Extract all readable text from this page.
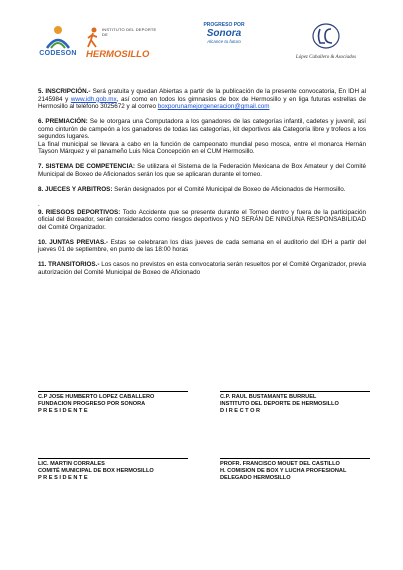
CODESON
INSTITUTO DEL DEPORTE DE
HERMOSILLO
PROGRESO POR
Sonora
Alcance tu futuro
López Caballero & Asociados

5. INSCRIPCIÓN.- Será gratuita y quedan Abiertas a partir de la publicación de la presente convocatoria, En IDH al 2145984 y www.idh.gob.mx, así como en todos los gimnasios de box de Hermosillo y en liga futuras estrellas de Hermosillo al teléfono 3025672 y al correo boxporunamejorgeneracion@gmail.com

6. PREMIACIÓN: Se le otorgara una Computadora a los ganadores de las categorías infantil, cadetes y juvenil, así como cinturón de campeón a los ganadores de todas las categorías, kit deportivos ala Categoría libre y trofeos a los segundos lugares.
La final municipal se llevara a cabo en la función de campeonato mundial peso mosca, entre el monarca Hernán Tayson Márquez y el panameño Luis Nica Concepción en el CUM Hermosillo.

7. SISTEMA DE COMPETENCIA: Se utilizara el Sistema de la Federación Mexicana de Box Amateur y del Comité Municipal de Boxeo de Aficionados serán los que se aplicaran durante el torneo.

8. JUECES Y ARBITROS: Serán designados por el Comité Municipal de Boxeo de Aficionados de Hermosillo.

.
9. RIESGOS DEPORTIVOS: Todo Accidente que se presente durante el Torneo dentro y fuera de la participación oficial del Boxeador, serán considerados como riesgos deportivos y NO SERÁN DE NINGUNA RESPONSABILIDAD del Comité Organizador.

10. JUNTAS PREVIAS.- Estas se celebraran los días jueves de cada semana en el auditorio del IDH a partir del jueves 01 de septiembre, en punto de las 18:00 horas

11. TRANSITORIOS.- Los casos no previstos en esta convocatoria serán resueltos por el Comité Organizador, previa autorización del Comité Municipal de Boxeo de Aficionado

C.P JOSE HUMBERTO LOPEZ CABALLERO
FUNDACION PROGRESO POR SONORA
P R E S I D E N T E
C.P. RAUL BUSTAMANTE BURRUEL
INSTITUTO DEL DEPORTE DE HERMOSILLO
D I R E C T O R
LIC. MARTIN CORRALES
COMITÉ MUNICIPAL DE BOX HERMOSILLO
P R E S I D E N T E
PROFR. FRANCISCO MOUET DEL CASTILLO
H. COMISION DE BOX Y LUCHA PROFESIONAL
DELEGADO HERMOSILLO
